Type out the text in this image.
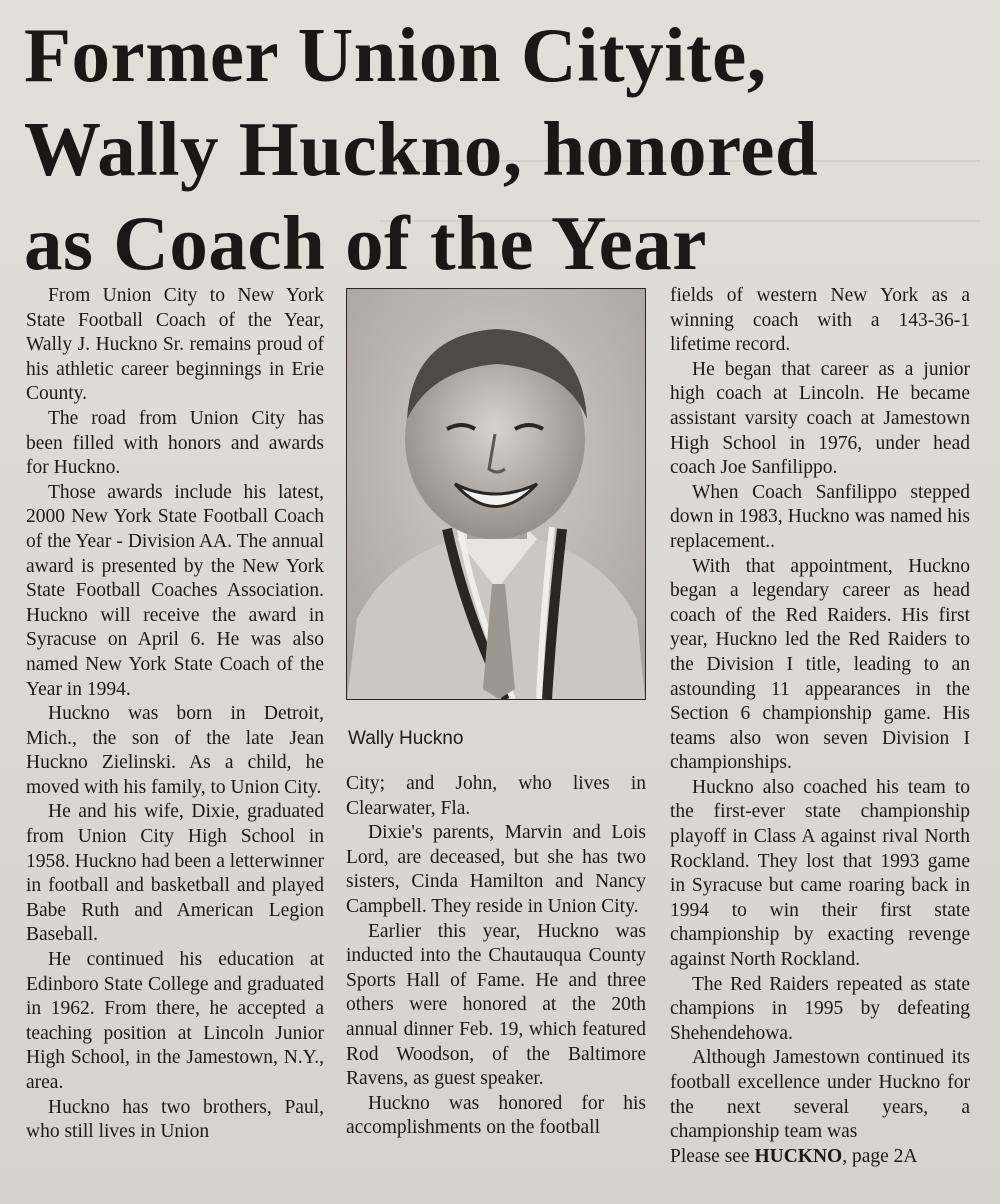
Former Union Cityite,
Wally Huckno, honored
as Coach of the Year

From Union City to New York State Football Coach of the Year, Wally J. Huckno Sr. remains proud of his athletic career beginnings in Erie County.

The road from Union City has been filled with honors and awards for Huckno.

Those awards include his latest, 2000 New York State Football Coach of the Year - Division AA. The annual award is presented by the New York State Football Coaches Association. Huckno will receive the award in Syracuse on April 6. He was also named New York State Coach of the Year in 1994.

Huckno was born in Detroit, Mich., the son of the late Jean Huckno Zielinski. As a child, he moved with his family, to Union City.

He and his wife, Dixie, graduated from Union City High School in 1958. Huckno had been a letterwinner in football and basketball and played Babe Ruth and American Legion Baseball.

He continued his education at Edinboro State College and graduated in 1962. From there, he accepted a teaching position at Lincoln Junior High School, in the Jamestown, N.Y., area.

Huckno has two brothers, Paul, who still lives in Union

Wally Huckno

City; and John, who lives in Clearwater, Fla.

Dixie's parents, Marvin and Lois Lord, are deceased, but she has two sisters, Cinda Hamilton and Nancy Campbell. They reside in Union City.

Earlier this year, Huckno was inducted into the Chautauqua County Sports Hall of Fame. He and three others were honored at the 20th annual dinner Feb. 19, which featured Rod Woodson, of the Baltimore Ravens, as guest speaker.

Huckno was honored for his accomplishments on the football

fields of western New York as a winning coach with a 143-36-1 lifetime record.

He began that career as a junior high coach at Lincoln. He became assistant varsity coach at Jamestown High School in 1976, under head coach Joe Sanfilippo.

When Coach Sanfilippo stepped down in 1983, Huckno was named his replacement..

With that appointment, Huckno began a legendary career as head coach of the Red Raiders. His first year, Huckno led the Red Raiders to the Division I title, leading to an astounding 11 appearances in the Section 6 championship game. His teams also won seven Division I championships.

Huckno also coached his team to the first-ever state championship playoff in Class A against rival North Rockland. They lost that 1993 game in Syracuse but came roaring back in 1994 to win their first state championship by exacting revenge against North Rockland.

The Red Raiders repeated as state champions in 1995 by defeating Shehendehowa.

Although Jamestown continued its football excellence under Huckno for the next several years, a championship team was

Please see HUCKNO, page 2A
